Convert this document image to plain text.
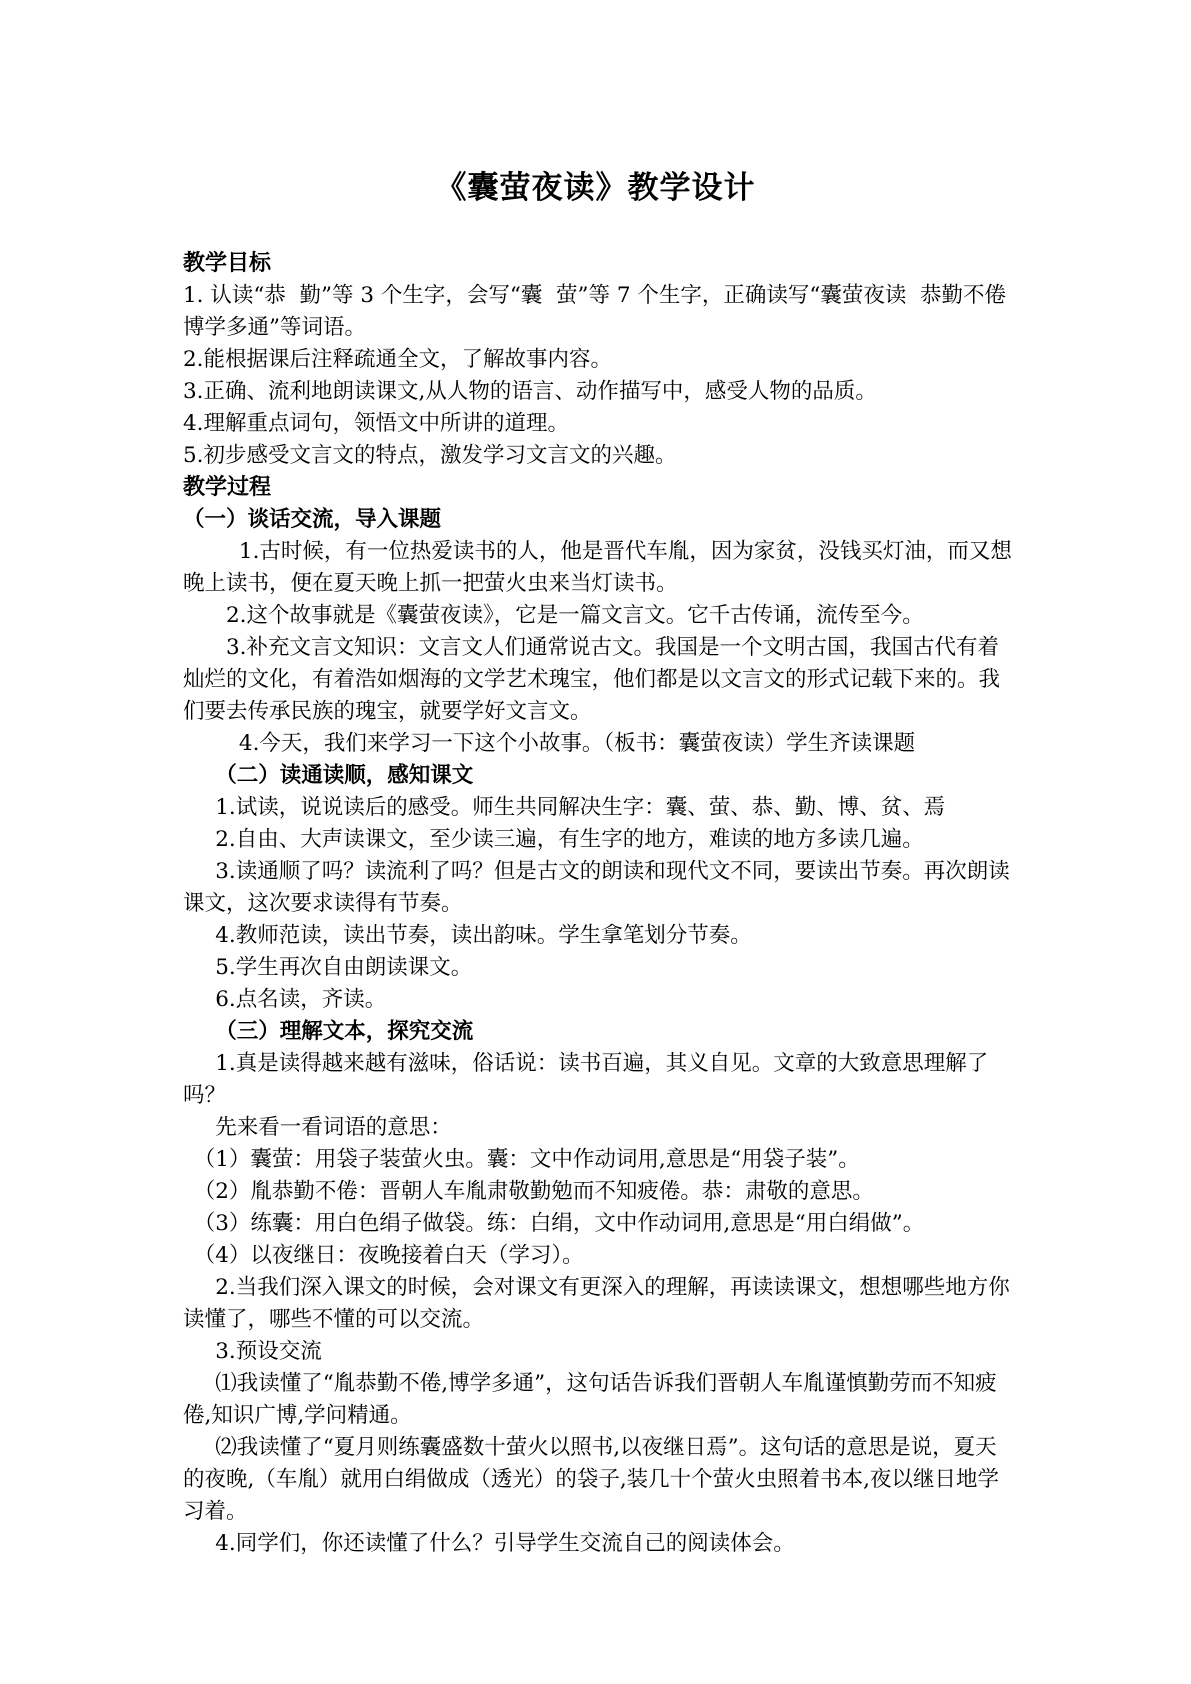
《囊萤夜读》教学设计

教学目标

1. 认读“恭  勤”等 3 个生字，会写“囊  萤”等 7 个生字，正确读写“囊萤夜读  恭勤不倦  博学多通”等词语。

2.能根据课后注释疏通全文，了解故事内容。

3.正确、流利地朗读课文,从人物的语言、动作描写中，感受人物的品质。

4.理解重点词句，领悟文中所讲的道理。

5.初步感受文言文的特点，激发学习文言文的兴趣。

教学过程

（一）谈话交流，导入课题

1.古时候，有一位热爱读书的人，他是晋代车胤，因为家贫，没钱买灯油，而又想晚上读书，便在夏天晚上抓一把萤火虫来当灯读书。

2.这个故事就是《囊萤夜读》，它是一篇文言文。它千古传诵，流传至今。

3.补充文言文知识：文言文人们通常说古文。我国是一个文明古国，我国古代有着灿烂的文化，有着浩如烟海的文学艺术瑰宝，他们都是以文言文的形式记载下来的。我们要去传承民族的瑰宝，就要学好文言文。

4.今天，我们来学习一下这个小故事。（板书：囊萤夜读）学生齐读课题

（二）读通读顺，感知课文

1.试读，说说读后的感受。师生共同解决生字：囊、萤、恭、勤、博、贫、焉

2.自由、大声读课文，至少读三遍，有生字的地方，难读的地方多读几遍。

3.读通顺了吗？读流利了吗？但是古文的朗读和现代文不同，要读出节奏。再次朗读课文，这次要求读得有节奏。

4.教师范读，读出节奏，读出韵味。学生拿笔划分节奏。

5.学生再次自由朗读课文。

6.点名读，齐读。

（三）理解文本，探究交流

1.真是读得越来越有滋味，俗话说：读书百遍，其义自见。文章的大致意思理解了吗？

先来看一看词语的意思：

（1）囊萤：用袋子装萤火虫。囊：文中作动词用,意思是“用袋子装”。

（2）胤恭勤不倦：晋朝人车胤肃敬勤勉而不知疲倦。恭：肃敬的意思。

（3）练囊：用白色绢子做袋。练：白绢，文中作动词用,意思是“用白绢做”。

（4）以夜继日：夜晚接着白天（学习）。

2.当我们深入课文的时候，会对课文有更深入的理解，再读读课文，想想哪些地方你读懂了，哪些不懂的可以交流。

3.预设交流

⑴我读懂了“胤恭勤不倦,博学多通”，这句话告诉我们晋朝人车胤谨慎勤劳而不知疲倦,知识广博,学问精通。

⑵我读懂了“夏月则练囊盛数十萤火以照书,以夜继日焉”。这句话的意思是说，夏天的夜晚,（车胤）就用白绢做成（透光）的袋子,装几十个萤火虫照着书本,夜以继日地学习着。

4.同学们，你还读懂了什么？引导学生交流自己的阅读体会。
